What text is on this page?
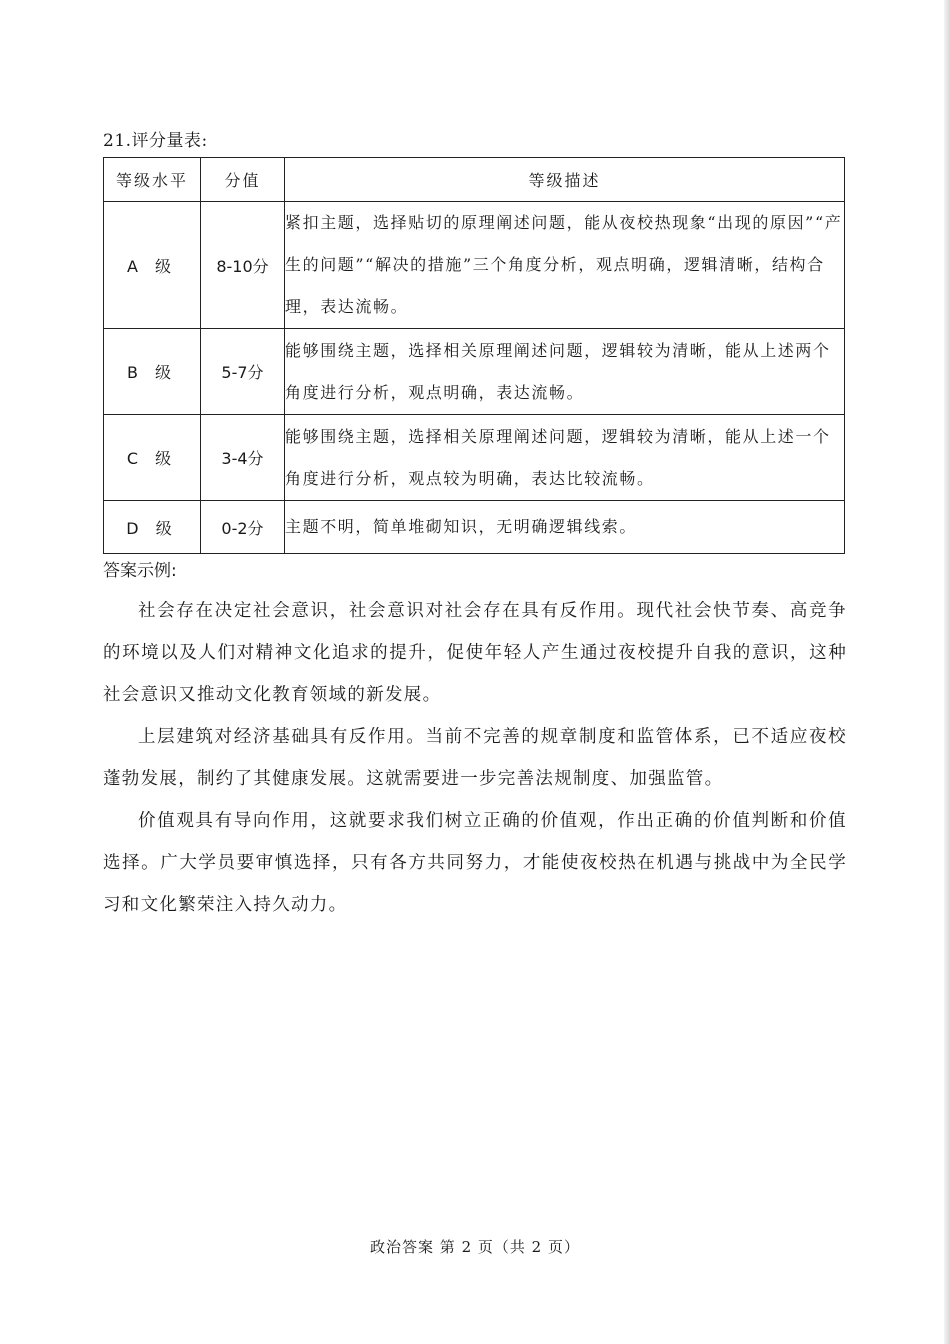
21.评分量表:
等级水平	分值	等级描述
A 级	8-10分	紧扣主题，选择贴切的原理阐述问题，能从夜校热现象“出现的原因”“产生的问题”“解决的措施”三个角度分析，观点明确，逻辑清晰，结构合理，表达流畅。
B 级	5-7分	能够围绕主题，选择相关原理阐述问题，逻辑较为清晰，能从上述两个角度进行分析，观点明确，表达流畅。
C 级	3-4分	能够围绕主题，选择相关原理阐述问题，逻辑较为清晰，能从上述一个角度进行分析，观点较为明确，表达比较流畅。
D 级	0-2分	主题不明，简单堆砌知识，无明确逻辑线索。
答案示例:

社会存在决定社会意识，社会意识对社会存在具有反作用。现代社会快节奏、高竞争的环境以及人们对精神文化追求的提升，促使年轻人产生通过夜校提升自我的意识，这种社会意识又推动文化教育领域的新发展。

上层建筑对经济基础具有反作用。当前不完善的规章制度和监管体系，已不适应夜校蓬勃发展，制约了其健康发展。这就需要进一步完善法规制度、加强监管。

价值观具有导向作用，这就要求我们树立正确的价值观，作出正确的价值判断和价值选择。广大学员要审慎选择，只有各方共同努力，才能使夜校热在机遇与挑战中为全民学习和文化繁荣注入持久动力。

政治答案 第 2 页（共 2 页）
